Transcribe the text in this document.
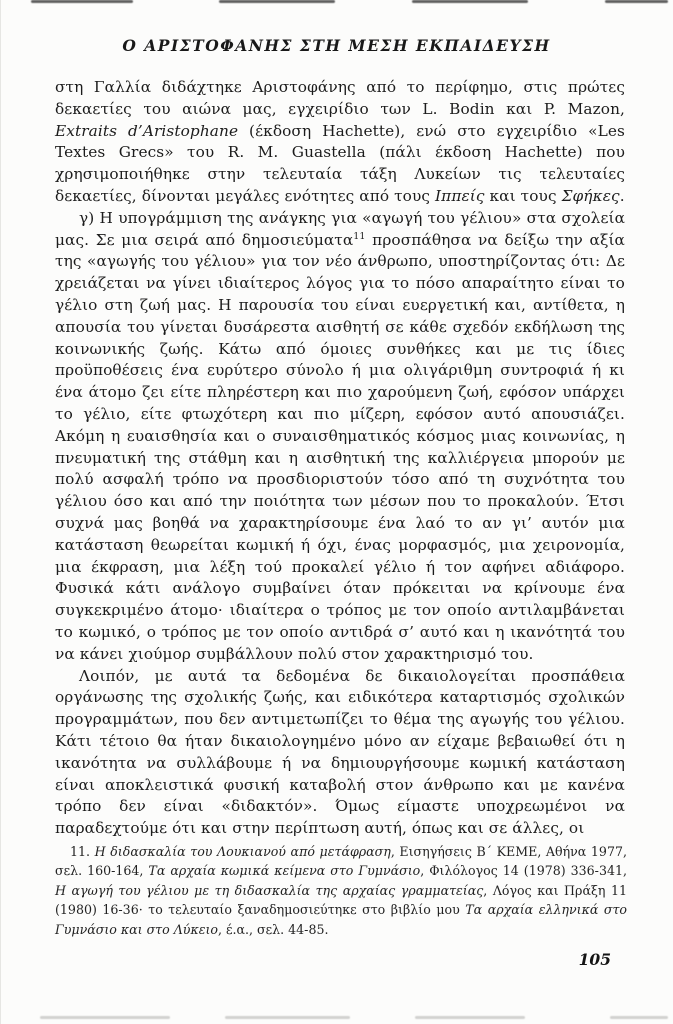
Ο ΑΡΙΣΤΟΦΑΝΗΣ ΣΤΗ ΜΕΣΗ ΕΚΠΑΙΔΕΥΣΗ

στη Γαλλία διδάχτηκε Αριστοφάνης από το περίφημο, στις πρώτες δεκαετίες του αιώνα μας, εγχειρίδιο των L. Bodin και P. Mazon, Extraits d’Aristophane (έκδοση Hachette), ενώ στο εγχειρίδιο «Les Textes Grecs» του R. M. Guastella (πάλι έκδοση Hachette) που χρησιμοποιήθηκε στην τελευταία τάξη Λυκείων τις τελευταίες δεκαετίες, δίνονται μεγάλες ενότητες από τους Ιππείς και τους Σφήκες.

γ) Η υπογράμμιση της ανάγκης για «αγωγή του γέλιου» στα σχολεία μας. Σε μια σειρά από δημοσιεύματα$^{11}$ προσπάθησα να δείξω την αξία της «αγωγής του γέλιου» για τον νέο άνθρωπο, υποστηρίζοντας ότι: Δε χρειάζεται να γίνει ιδιαίτερος λόγος για το πόσο απαραίτητο είναι το γέλιο στη ζωή μας. Η παρουσία του είναι ευεργετική και, αντίθετα, η απουσία του γίνεται δυσάρεστα αισθητή σε κάθε σχεδόν εκδήλωση της κοινωνικής ζωής. Κάτω από όμοιες συνθήκες και με τις ίδιες προϋποθέσεις ένα ευρύτερο σύνολο ή μια ολιγάριθμη συντροφιά ή κι ένα άτομο ζει είτε πληρέστερη και πιο χαρούμενη ζωή, εφόσον υπάρχει το γέλιο, είτε φτωχότερη και πιο μίζερη, εφόσον αυτό απουσιάζει. Ακόμη η ευαισθησία και ο συναισθηματικός κόσμος μιας κοινωνίας, η πνευματική της στάθμη και η αισθητική της καλλιέργεια μπορούν με πολύ ασφαλή τρόπο να προσδιοριστούν τόσο από τη συχνότητα του γέλιου όσο και από την ποιότητα των μέσων που το προκαλούν. Έτσι συχνά μας βοηθά να χαρακτηρίσουμε ένα λαό το αν γι’ αυτόν μια κατάσταση θεωρείται κωμική ή όχι, ένας μορφασμός, μια χειρονομία, μια έκφραση, μια λέξη τού προκαλεί γέλιο ή τον αφήνει αδιάφορο. Φυσικά κάτι ανάλογο συμβαίνει όταν πρόκειται να κρίνουμε ένα συγκεκριμένο άτομο· ιδιαίτερα ο τρόπος με τον οποίο αντιλαμβάνεται το κωμικό, ο τρόπος με τον οποίο αντιδρά σ’ αυτό και η ικανότητά του να κάνει χιούμορ συμβάλλουν πολύ στον χαρακτηρισμό του.

Λοιπόν, με αυτά τα δεδομένα δε δικαιολογείται προσπάθεια οργάνωσης της σχολικής ζωής, και ειδικότερα καταρτισμός σχολικών προγραμμάτων, που δεν αντιμετωπίζει το θέμα της αγωγής του γέλιου. Κάτι τέτοιο θα ήταν δικαιολογημένο μόνο αν είχαμε βεβαιωθεί ότι η ικανότητα να συλλάβουμε ή να δημιουργήσουμε κωμική κατάσταση είναι αποκλειστικά φυσική καταβολή στον άνθρωπο και με κανένα τρόπο δεν είναι «διδακτόν». Όμως είμαστε υποχρεωμένοι να παραδεχτούμε ότι και στην περίπτωση αυτή, όπως και σε άλλες, οι

11. Η διδασκαλία του Λουκιανού από μετάφραση, Εισηγήσεις Β΄ ΚΕΜΕ, Αθήνα 1977, σελ. 160-164, Τα αρχαία κωμικά κείμενα στο Γυμνάσιο, Φιλόλογος 14 (1978) 336-341, Η αγωγή του γέλιου με τη διδασκαλία της αρχαίας γραμματείας, Λόγος και Πράξη 11 (1980) 16-36· το τελευταίο ξαναδημοσιεύτηκε στο βιβλίο μου Τα αρχαία ελληνικά στο Γυμνάσιο και στο Λύκειο, έ.α., σελ. 44-85.

105
